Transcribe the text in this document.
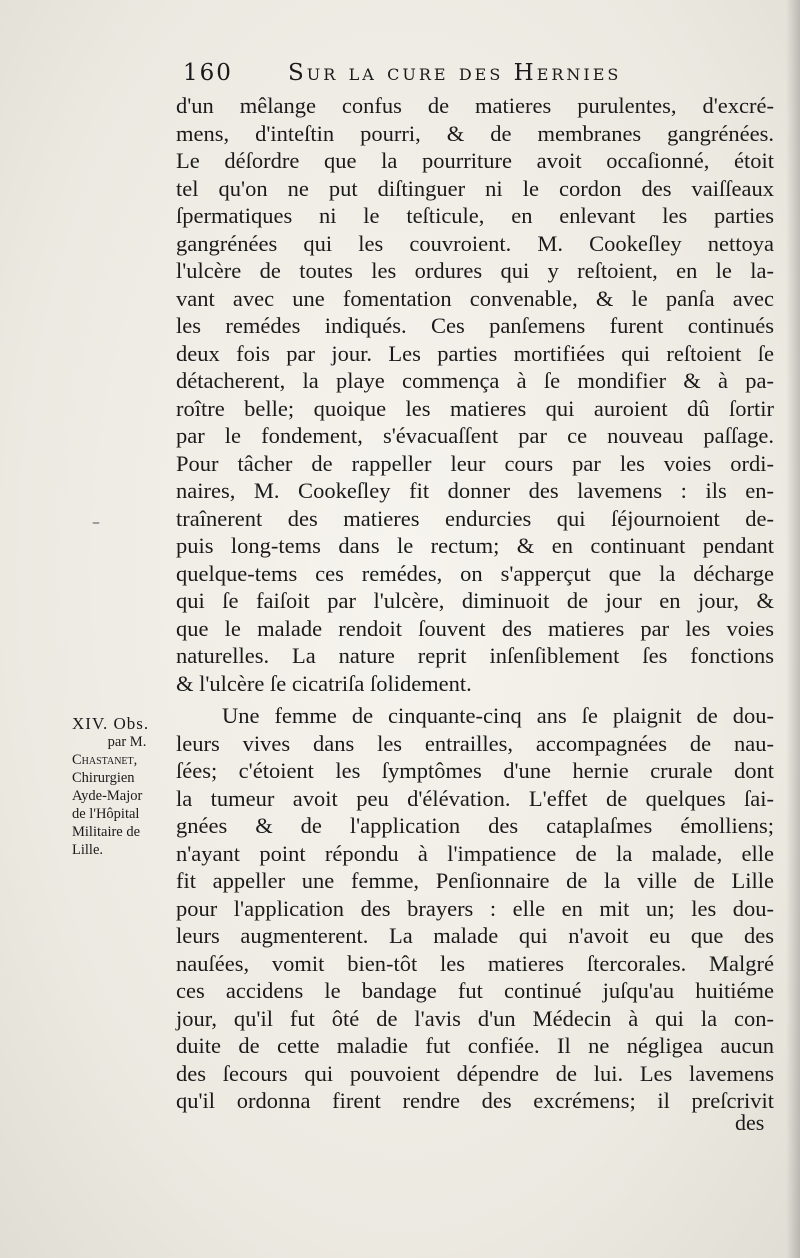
160 Sur la cure des Hernies
d'un mêlange confus de matieres purulentes, d'excré-
mens, d'inteſtin pourri, & de membranes gangrénées.
Le déſordre que la pourriture avoit occaſionné, étoit
tel qu'on ne put diſtinguer ni le cordon des vaiſſeaux
ſpermatiques ni le teſticule, en enlevant les parties
gangrénées qui les couvroient. M. Cookeſley nettoya
l'ulcère de toutes les ordures qui y reſtoient, en le la-
vant avec une fomentation convenable, & le panſa avec
les remédes indiqués. Ces panſemens furent continués
deux fois par jour. Les parties mortifiées qui reſtoient ſe
détacherent, la playe commença à ſe mondifier & à pa-
roître belle; quoique les matieres qui auroient dû ſortir
par le fondement, s'évacuaſſent par ce nouveau paſſage.
Pour tâcher de rappeller leur cours par les voies ordi-
naires, M. Cookeſley fit donner des lavemens : ils en-
traînerent des matieres endurcies qui ſéjournoient de-
puis long-tems dans le rectum; & en continuant pendant
quelque-tems ces remédes, on s'apperçut que la décharge
qui ſe faiſoit par l'ulcère, diminuoit de jour en jour, &
que le malade rendoit ſouvent des matieres par les voies
naturelles. La nature reprit inſenſiblement ſes fonctions
& l'ulcère ſe cicatriſa ſolidement.
Une femme de cinquante-cinq ans ſe plaignit de dou-
leurs vives dans les entrailles, accompagnées de nau-
ſées; c'étoient les ſymptômes d'une hernie crurale dont
la tumeur avoit peu d'élévation. L'effet de quelques ſai-
gnées & de l'application des cataplaſmes émolliens;
n'ayant point répondu à l'impatience de la malade, elle
fit appeller une femme, Penſionnaire de la ville de Lille
pour l'application des brayers : elle en mit un; les dou-
leurs augmenterent. La malade qui n'avoit eu que des
nauſées, vomit bien-tôt les matieres ſtercorales. Malgré
ces accidens le bandage fut continué juſqu'au huitiéme
jour, qu'il fut ôté de l'avis d'un Médecin à qui la con-
duite de cette maladie fut confiée. Il ne négligea aucun
des ſecours qui pouvoient dépendre de lui. Les lavemens
qu'il ordonna firent rendre des excrémens; il preſcrivit
des
–
XIV. Obs.
par M.
Chastanet,
Chirurgien
Ayde-Major
de l'Hôpital
Militaire de
Lille.
